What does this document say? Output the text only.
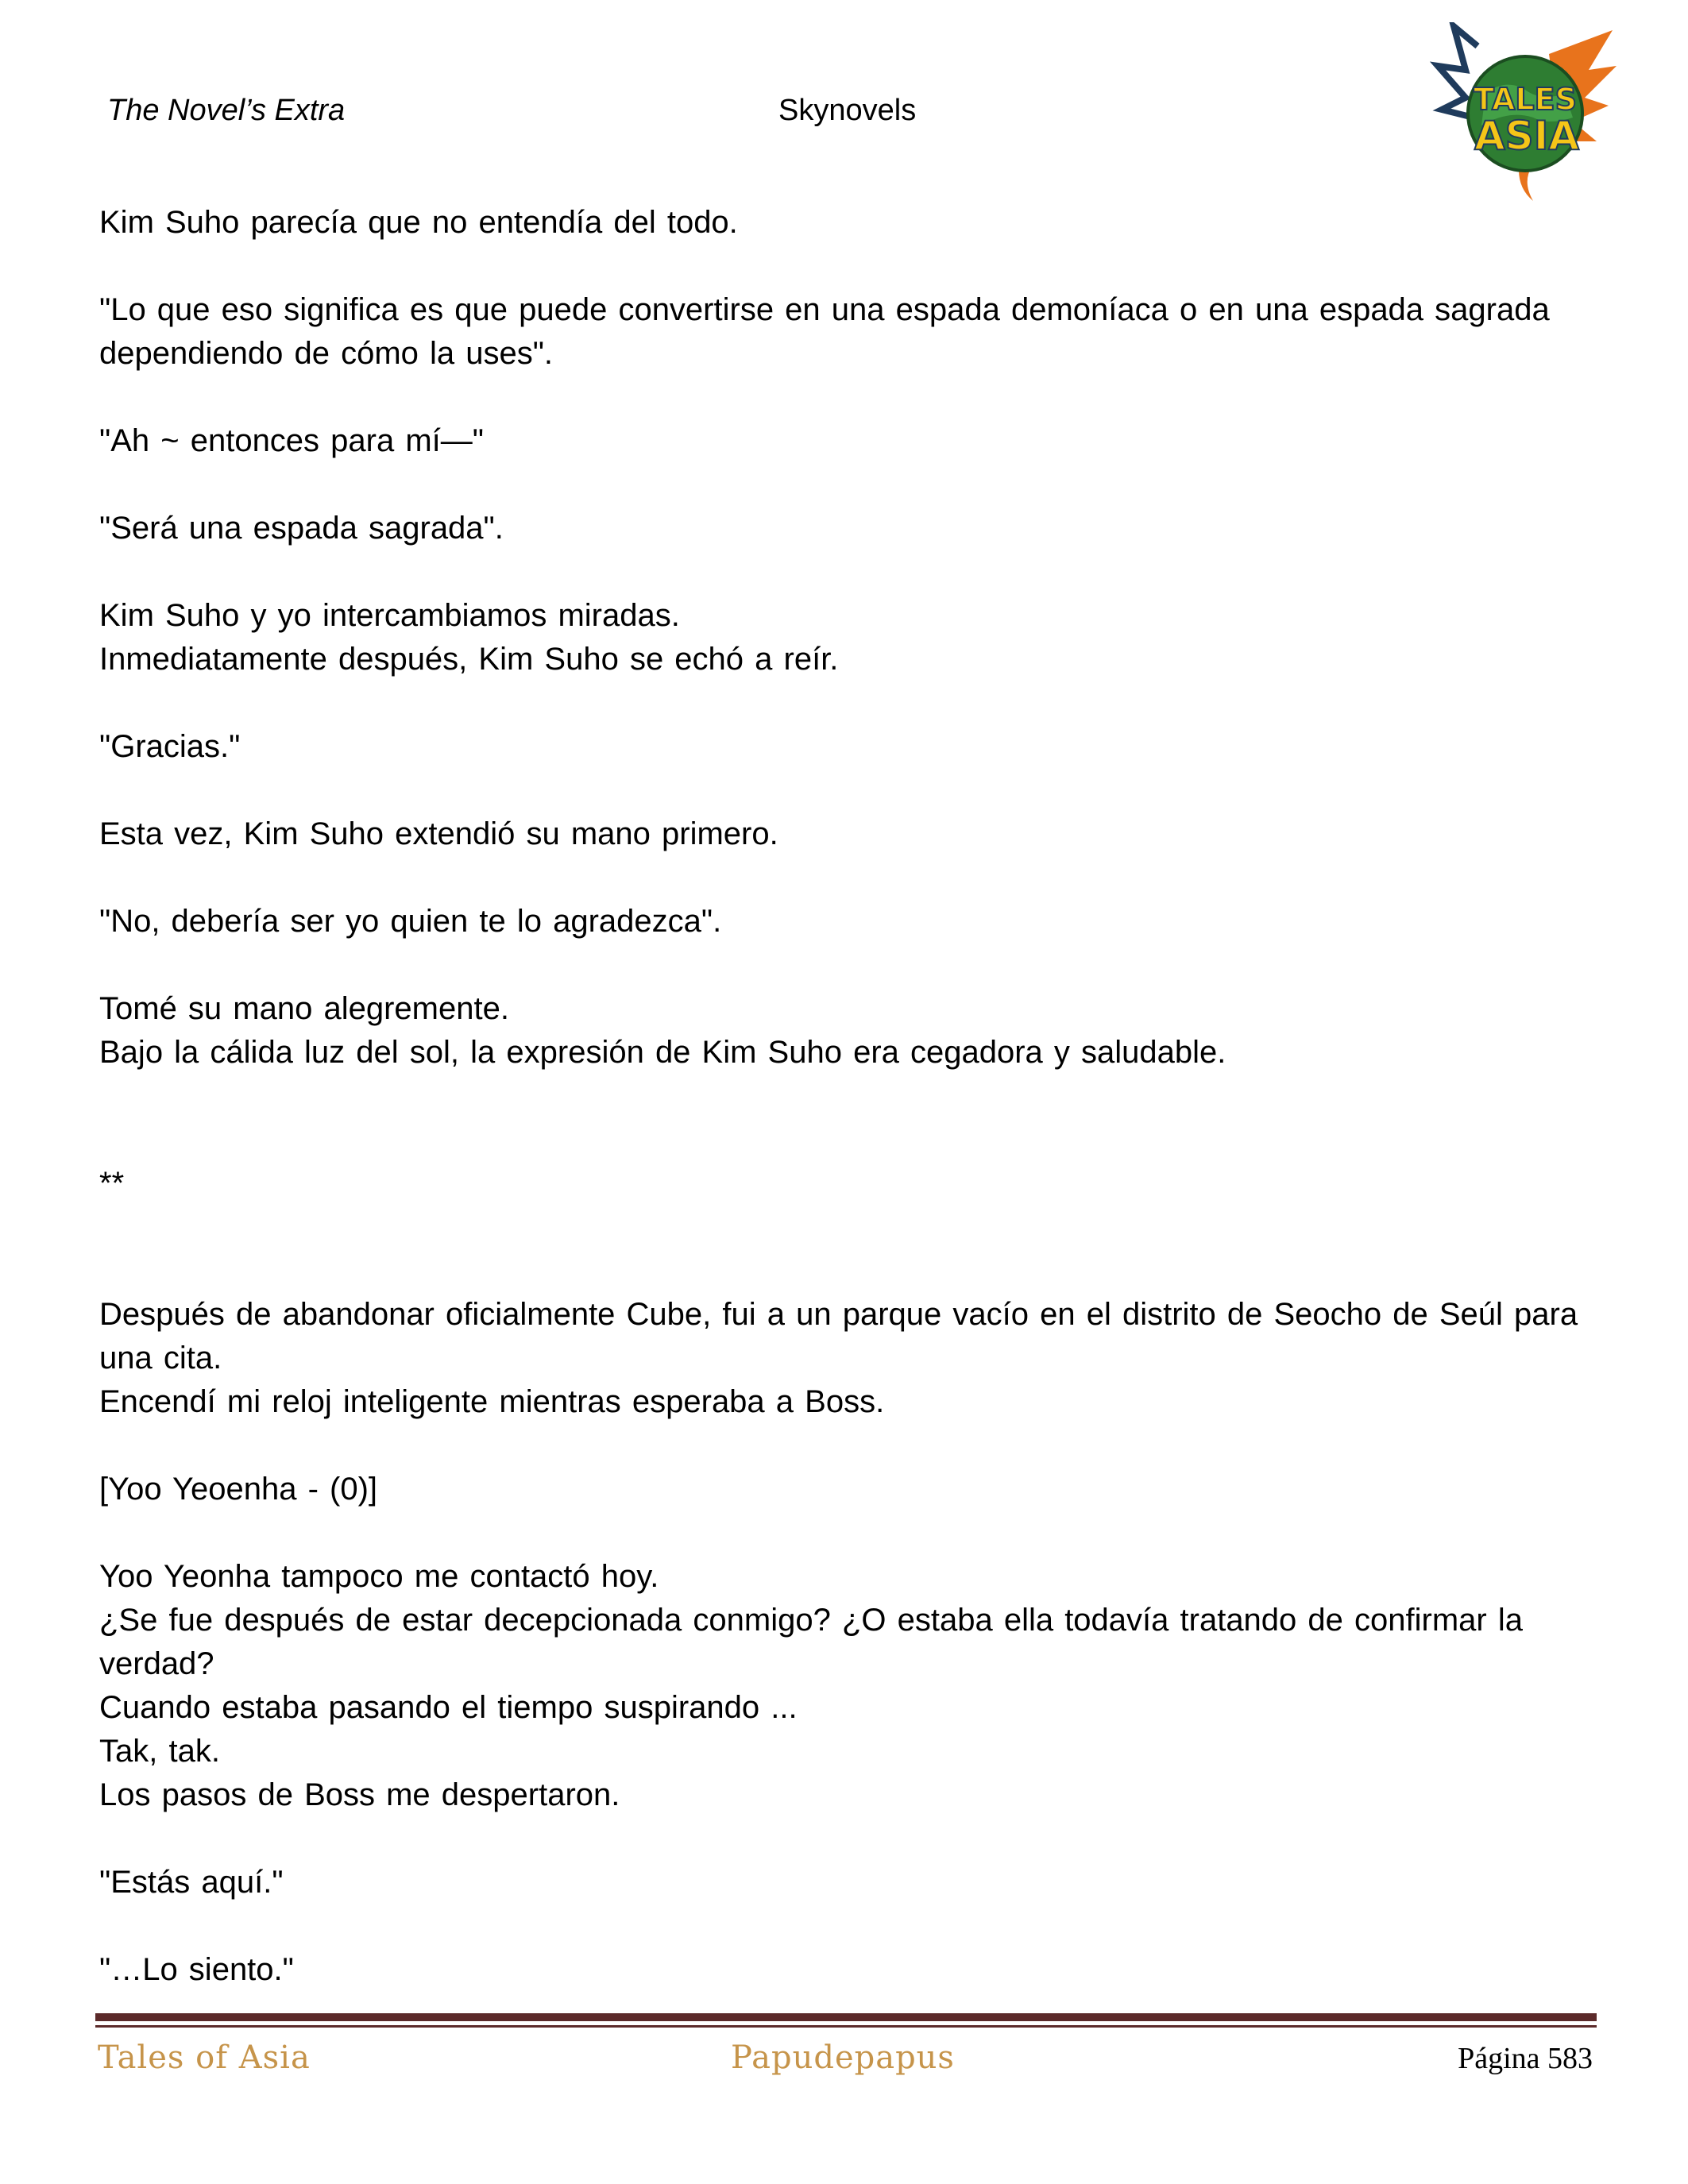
The Novel’s Extra	Skynovels	TALES
ASIA

Kim Suho parecía que no entendía del todo.

"Lo que eso significa es que puede convertirse en una espada demoníaca o en una espada sagrada dependiendo de cómo la uses".

"Ah ~ entonces para mí—"

"Será una espada sagrada".

Kim Suho y yo intercambiamos miradas.

Inmediatamente después, Kim Suho se echó a reír.

"Gracias."

Esta vez, Kim Suho extendió su mano primero.

"No, debería ser yo quien te lo agradezca".

Tomé su mano alegremente.

Bajo la cálida luz del sol, la expresión de Kim Suho era cegadora y saludable.

**

Después de abandonar oficialmente Cube, fui a un parque vacío en el distrito de Seocho de Seúl para una cita.

Encendí mi reloj inteligente mientras esperaba a Boss.

[Yoo Yeoenha - (0)]

Yoo Yeonha tampoco me contactó hoy.

¿Se fue después de estar decepcionada conmigo? ¿O estaba ella todavía tratando de confirmar la verdad?

Cuando estaba pasando el tiempo suspirando ...

Tak, tak.

Los pasos de Boss me despertaron.

"Estás aquí."

"…Lo siento."

Tales of Asia	Papudepapus	Página 583
